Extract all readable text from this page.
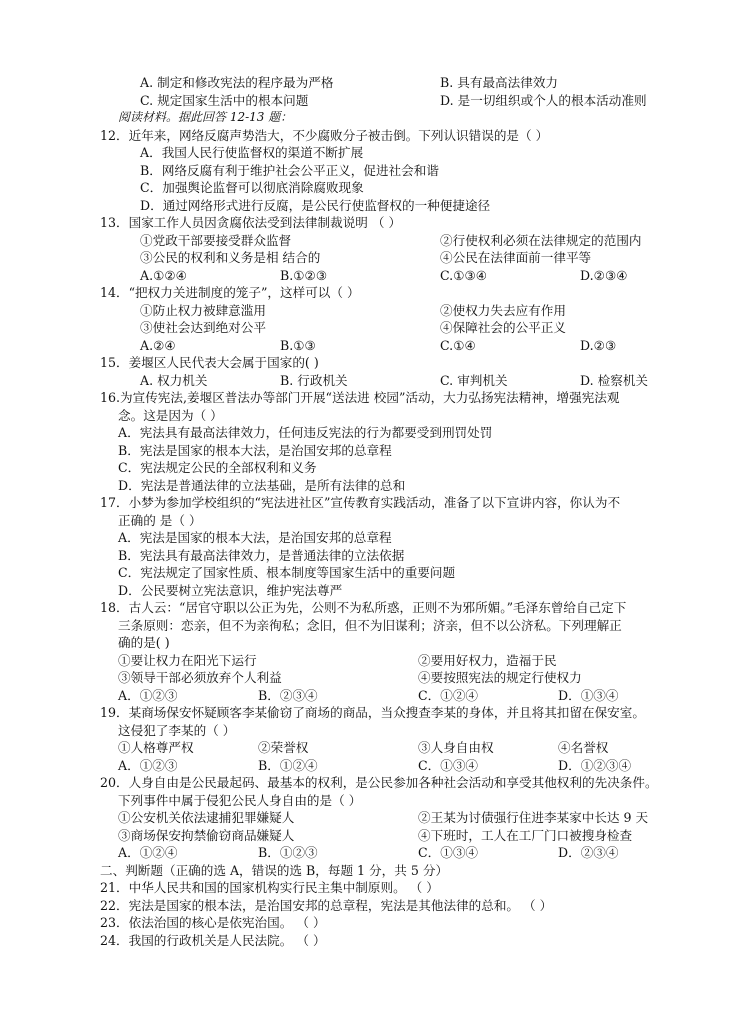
A. 制定和修改宪法的程序最为严格	B. 具有最高法律效力
C. 规定国家生活中的根本问题	D. 是一切组织或个人的根本活动准则
阅读材料。据此回答 12-13 题：
12．近年来，网络反腐声势浩大，不少腐败分子被击倒。下列认识错误的是（ ）
A．我国人民行使监督权的渠道不断扩展
B．网络反腐有利于维护社会公平正义，促进社会和谐
C．加强舆论监督可以彻底消除腐败现象
D．通过网络形式进行反腐，是公民行使监督权的一种便捷途径
13．国家工作人员因贪腐依法受到法律制裁说明 （ ）
①党政干部要接受群众监督	②行使权利必须在法律规定的范围内
③公民的权利和义务是相 结合的	④公民在法律面前一律平等
A.①②④	B.①②③	C.①③④	D.②③④
14．“把权力关进制度的笼子”，这样可以（ ）
①防止权力被肆意滥用	②使权力失去应有作用
③使社会达到绝对公平	④保障社会的公平正义
A.②④	B.①③	C.①④	D.②③
15．姜堰区人民代表大会属于国家的( )
A. 权力机关	B. 行政机关	C. 审判机关	D. 检察机关
16.为宣传宪法,姜堰区普法办等部门开展“送法进 校园”活动，大力弘扬宪法精神，增强宪法观
念。这是因为（ ）
A．宪法具有最高法律效力，任何违反宪法的行为都要受到刑罚处罚
B．宪法是国家的根本大法，是治国安邦的总章程
C．宪法规定公民的全部权利和义务
D．宪法是普通法律的立法基础，是所有法律的总和
17．小梦为参加学校组织的“宪法进社区”宣传教育实践活动，准备了以下宣讲内容，你认为不
正确的 是（ ）
A．宪法是国家的根本大法，是治国安邦的总章程
B．宪法具有最高法律效力，是普通法律的立法依据
C．宪法规定了国家性质、根本制度等国家生活中的重要问题
D．公民要树立宪法意识，维护宪法尊严
18．古人云：“居官守职以公正为先，公则不为私所惑，正则不为邪所媚。”毛泽东曾给自己定下
三条原则：恋亲，但不为亲徇私；念旧，但不为旧谋利；济亲，但不以公济私。下列理解正
确的是( )
①要让权力在阳光下运行	②要用好权力，造福于民
③领导干部必须放弃个人利益	④要按照宪法的规定行使权力
A．①②③	B．②③④	C．①②④	D．①③④
19．某商场保安怀疑顾客李某偷窃了商场的商品，当众搜查李某的身体，并且将其扣留在保安室。
这侵犯了李某的（ ）
①人格尊严权	②荣誉权	③人身自由权	④名誉权
A．①②③	B．①②④	C．①③④	D．①②③④
20．人身自由是公民最起码、最基本的权利，是公民参加各种社会活动和享受其他权利的先决条件。
下列事件中属于侵犯公民人身自由的是（ ）
①公安机关依法逮捕犯罪嫌疑人	②王某为讨债强行住进李某家中长达 9 天
③商场保安拘禁偷窃商品嫌疑人	④下班时，工人在工厂门口被搜身检查
A．①②④	B．①②③	C．①③④	D．②③④
二、判断题（正确的选 A，错误的选 B，每题 1 分，共 5 分）
21．中华人民共和国的国家机构实行民主集中制原则。 （ ）
22．宪法是国家的根本法，是治国安邦的总章程，宪法是其他法律的总和。 （ ）
23．依法治国的核心是依宪治国。 （ ）
24．我国的行政机关是人民法院。 （ ）
